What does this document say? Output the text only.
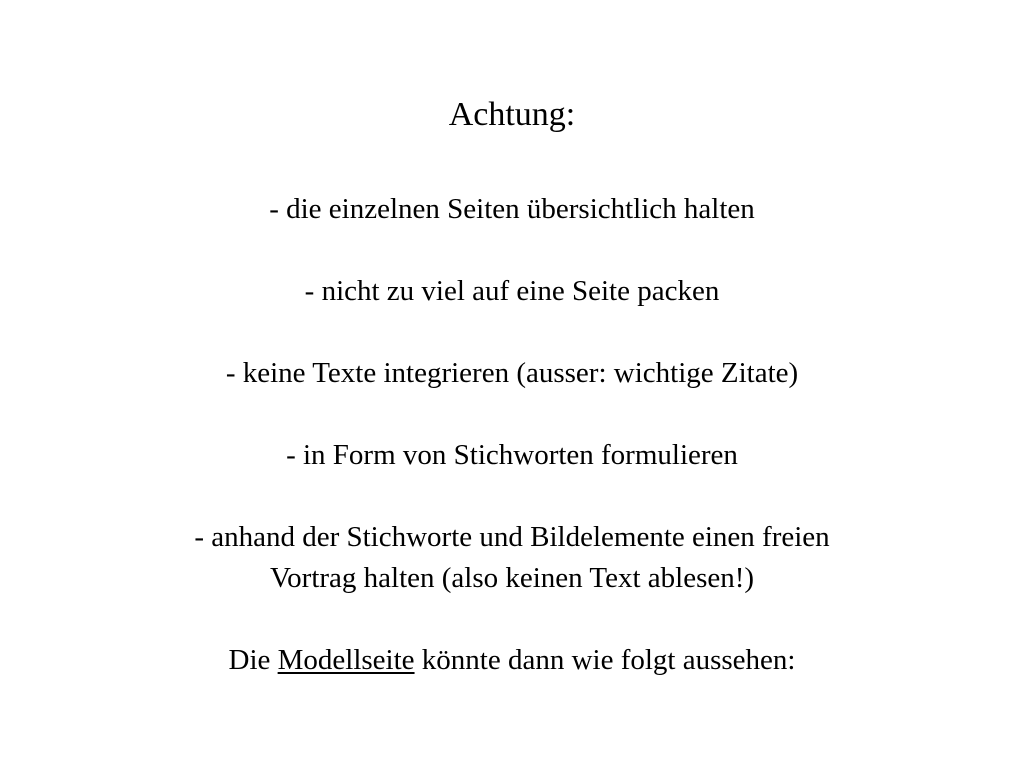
Achtung:

- die einzelnen Seiten übersichtlich halten

- nicht zu viel auf eine Seite packen

- keine Texte integrieren (ausser: wichtige Zitate)

- in Form von Stichworten formulieren

- anhand der Stichworte und Bildelemente einen freien
Vortrag halten (also keinen Text ablesen!)

Die Modellseite könnte dann wie folgt aussehen:
